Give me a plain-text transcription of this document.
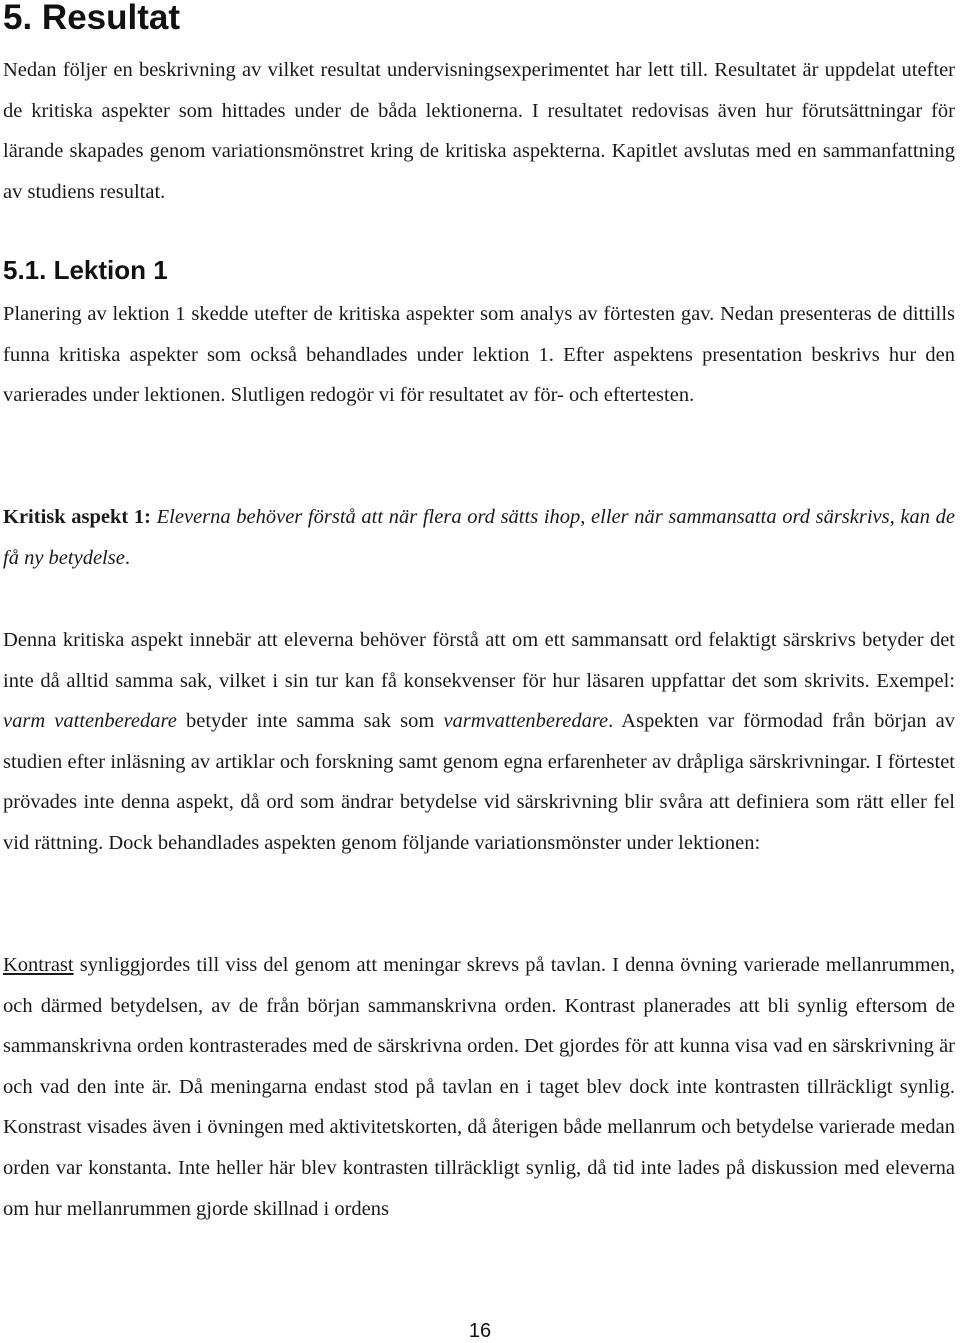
5. Resultat

Nedan följer en beskrivning av vilket resultat undervisningsexperimentet har lett till. Resultatet är uppdelat utefter de kritiska aspekter som hittades under de båda lektionerna. I resultatet redovisas även hur förutsättningar för lärande skapades genom variationsmönstret kring de kritiska aspekterna. Kapitlet avslutas med en sammanfattning av studiens resultat.

5.1. Lektion 1

Planering av lektion 1 skedde utefter de kritiska aspekter som analys av förtesten gav. Nedan presenteras de dittills funna kritiska aspekter som också behandlades under lektion 1. Efter aspektens presentation beskrivs hur den varierades under lektionen. Slutligen redogör vi för resultatet av för- och eftertesten.

Kritisk aspekt 1: Eleverna behöver förstå att när flera ord sätts ihop, eller när sammansatta ord särskrivs, kan de få ny betydelse.

Denna kritiska aspekt innebär att eleverna behöver förstå att om ett sammansatt ord felaktigt särskrivs betyder det inte då alltid samma sak, vilket i sin tur kan få konsekvenser för hur läsaren uppfattar det som skrivits. Exempel: varm vattenberedare betyder inte samma sak som varmvattenberedare. Aspekten var förmodad från början av studien efter inläsning av artiklar och forskning samt genom egna erfarenheter av dråpliga särskrivningar. I förtestet prövades inte denna aspekt, då ord som ändrar betydelse vid särskrivning blir svåra att definiera som rätt eller fel vid rättning. Dock behandlades aspekten genom följande variationsmönster under lektionen:

Kontrast synliggjordes till viss del genom att meningar skrevs på tavlan. I denna övning varierade mellanrummen, och därmed betydelsen, av de från början sammanskrivna orden. Kontrast planerades att bli synlig eftersom de sammanskrivna orden kontrasterades med de särskrivna orden. Det gjordes för att kunna visa vad en särskrivning är och vad den inte är. Då meningarna endast stod på tavlan en i taget blev dock inte kontrasten tillräckligt synlig. Konstrast visades även i övningen med aktivitetskorten, då återigen både mellanrum och betydelse varierade medan orden var konstanta. Inte heller här blev kontrasten tillräckligt synlig, då tid inte lades på diskussion med eleverna om hur mellanrummen gjorde skillnad i ordens

16
